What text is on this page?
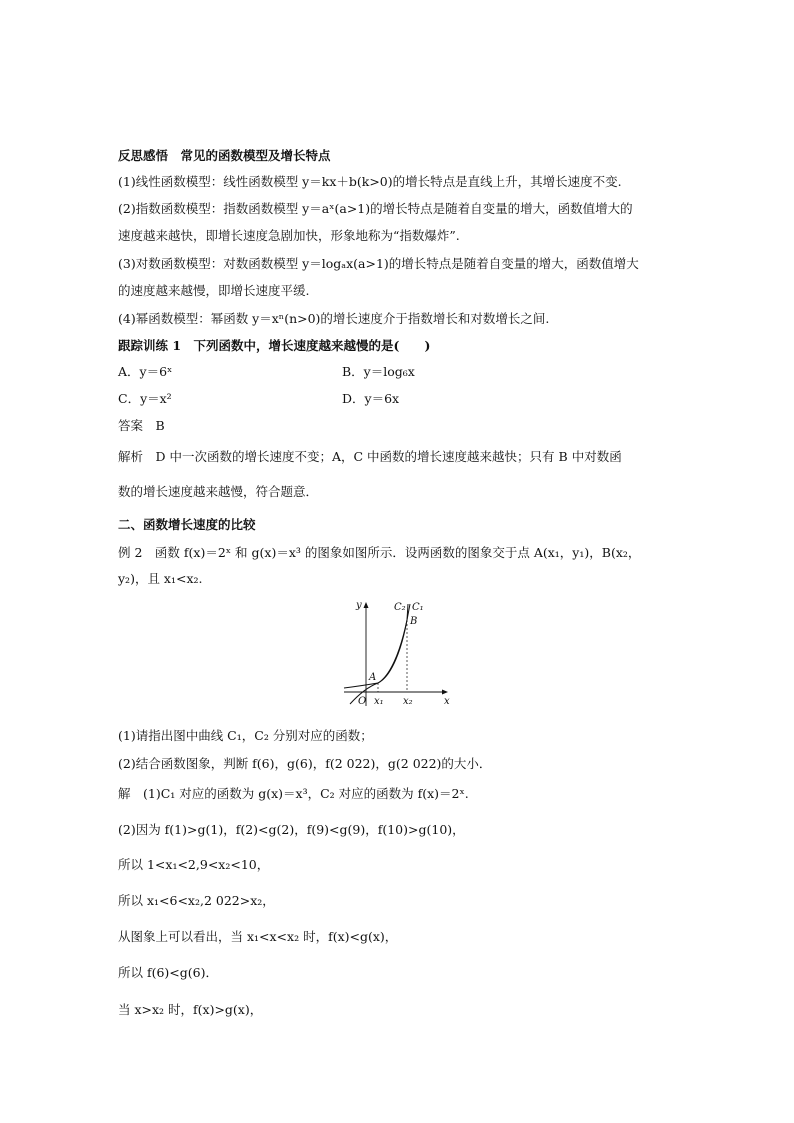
反思感悟　常见的函数模型及增长特点
(1)线性函数模型：线性函数模型 y＝kx＋b(k>0)的增长特点是直线上升，其增长速度不变.
(2)指数函数模型：指数函数模型 y＝aˣ(a>1)的增长特点是随着自变量的增大，函数值增大的
速度越来越快，即增长速度急剧加快，形象地称为“指数爆炸”.
(3)对数函数模型：对数函数模型 y＝logₐx(a>1)的增长特点是随着自变量的增大，函数值增大
的速度越来越慢，即增长速度平缓.
(4)幂函数模型：幂函数 y＝xⁿ(n>0)的增长速度介于指数增长和对数增长之间.
跟踪训练 1　下列函数中，增长速度越来越慢的是(　　)
A．y＝6ˣ	B．y＝log₆x
C．y＝x²	D．y＝6x
答案　B
解析　D 中一次函数的增长速度不变；A，C 中函数的增长速度越来越快；只有 B 中对数函
数的增长速度越来越慢，符合题意．
二、函数增长速度的比较
例 2　函数 f(x)＝2ˣ 和 g(x)＝x³ 的图象如图所示．设两函数的图象交于点 A(x₁，y₁)，B(x₂，
y₂)，且 x₁<x₂.
y
x
O x₁ x₂
A
B
C₂ C₁
(1)请指出图中曲线 C₁，C₂ 分别对应的函数；
(2)结合函数图象，判断 f(6)，g(6)，f(2 022)，g(2 022)的大小．
解　(1)C₁ 对应的函数为 g(x)＝x³，C₂ 对应的函数为 f(x)＝2ˣ.
(2)因为 f(1)>g(1)，f(2)<g(2)，f(9)<g(9)，f(10)>g(10)，
所以 1<x₁<2,9<x₂<10，
所以 x₁<6<x₂,2 022>x₂，
从图象上可以看出，当 x₁<x<x₂ 时，f(x)<g(x)，
所以 f(6)<g(6)．
当 x>x₂ 时，f(x)>g(x)，
